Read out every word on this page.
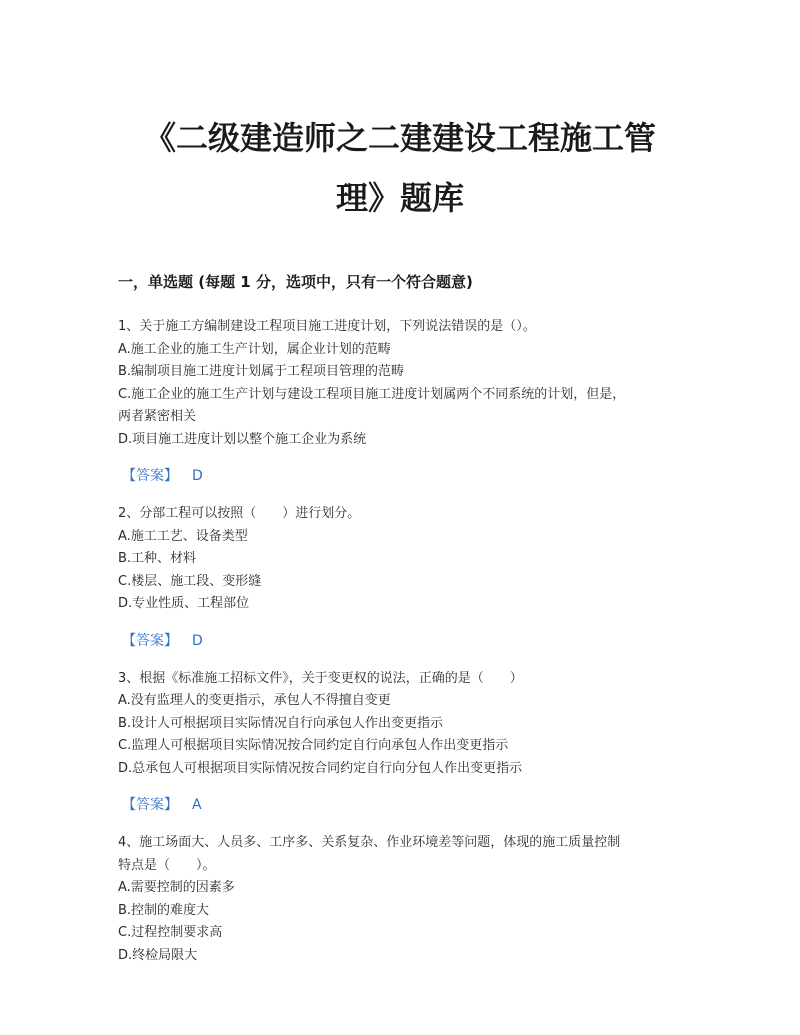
《二级建造师之二建建设工程施工管
理》题库
一，单选题 (每题 1 分，选项中，只有一个符合题意)
1、关于施工方编制建设工程项目施工进度计划，下列说法错误的是（）。
A.施工企业的施工生产计划，属企业计划的范畴
B.编制项目施工进度计划属于工程项目管理的范畴
C.施工企业的施工生产计划与建设工程项目施工进度计划属两个不同系统的计划，但是，
两者紧密相关
D.项目施工进度计划以整个施工企业为系统
【答案】 D
2、分部工程可以按照（　　）进行划分。
A.施工工艺、设备类型
B.工种、材料
C.楼层、施工段、变形缝
D.专业性质、工程部位
【答案】 D
3、根据《标准施工招标文件》，关于变更权的说法，正确的是（　　）
A.没有监理人的变更指示，承包人不得擅自变更
B.设计人可根据项目实际情况自行向承包人作出变更指示
C.监理人可根据项目实际情况按合同约定自行向承包人作出变更指示
D.总承包人可根据项目实际情况按合同约定自行向分包人作出变更指示
【答案】 A
4、施工场面大、人员多、工序多、关系复杂、作业环境差等问题，体现的施工质量控制
特点是（　　）。
A.需要控制的因素多
B.控制的难度大
C.过程控制要求高
D.终检局限大
